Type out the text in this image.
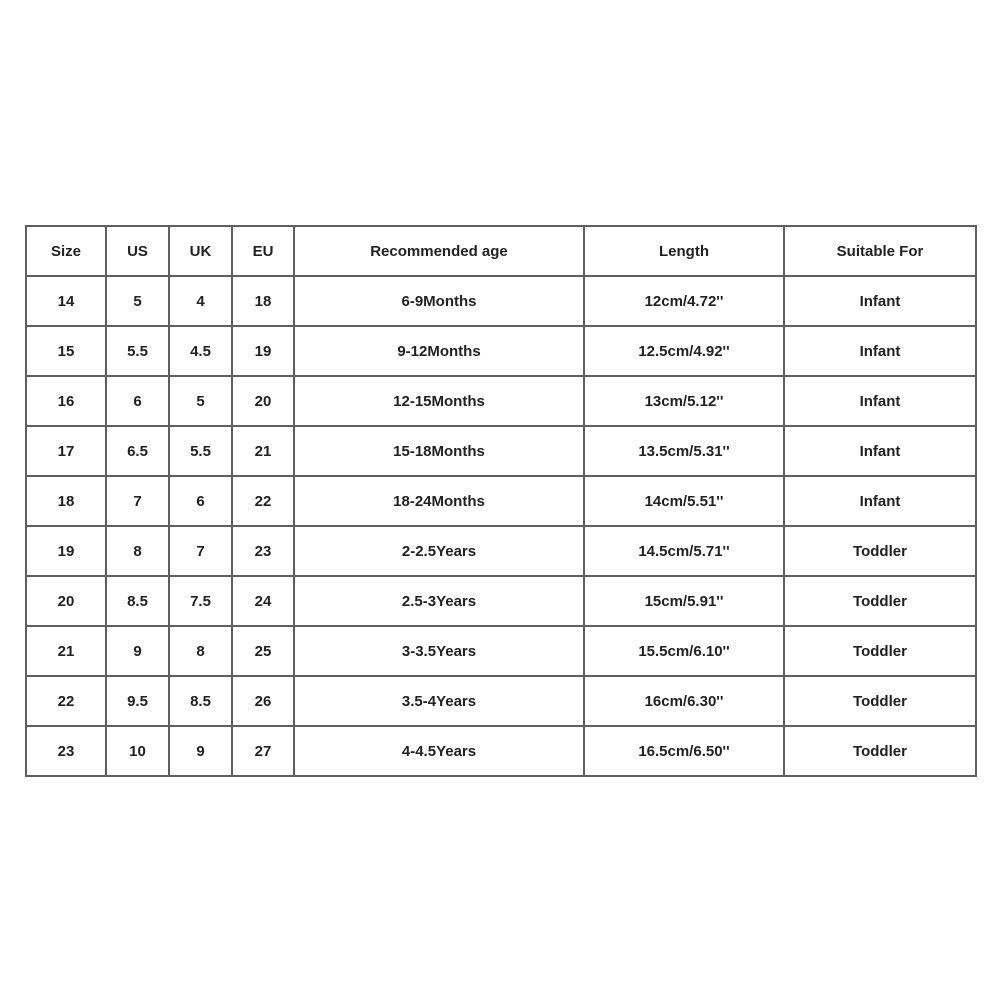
Size	US	UK	EU	Recommended age	Length	Suitable For
14	5	4	18	6-9Months	12cm/4.72''	Infant
15	5.5	4.5	19	9-12Months	12.5cm/4.92''	Infant
16	6	5	20	12-15Months	13cm/5.12''	Infant
17	6.5	5.5	21	15-18Months	13.5cm/5.31''	Infant
18	7	6	22	18-24Months	14cm/5.51''	Infant
19	8	7	23	2-2.5Years	14.5cm/5.71''	Toddler
20	8.5	7.5	24	2.5-3Years	15cm/5.91''	Toddler
21	9	8	25	3-3.5Years	15.5cm/6.10''	Toddler
22	9.5	8.5	26	3.5-4Years	16cm/6.30''	Toddler
23	10	9	27	4-4.5Years	16.5cm/6.50''	Toddler
